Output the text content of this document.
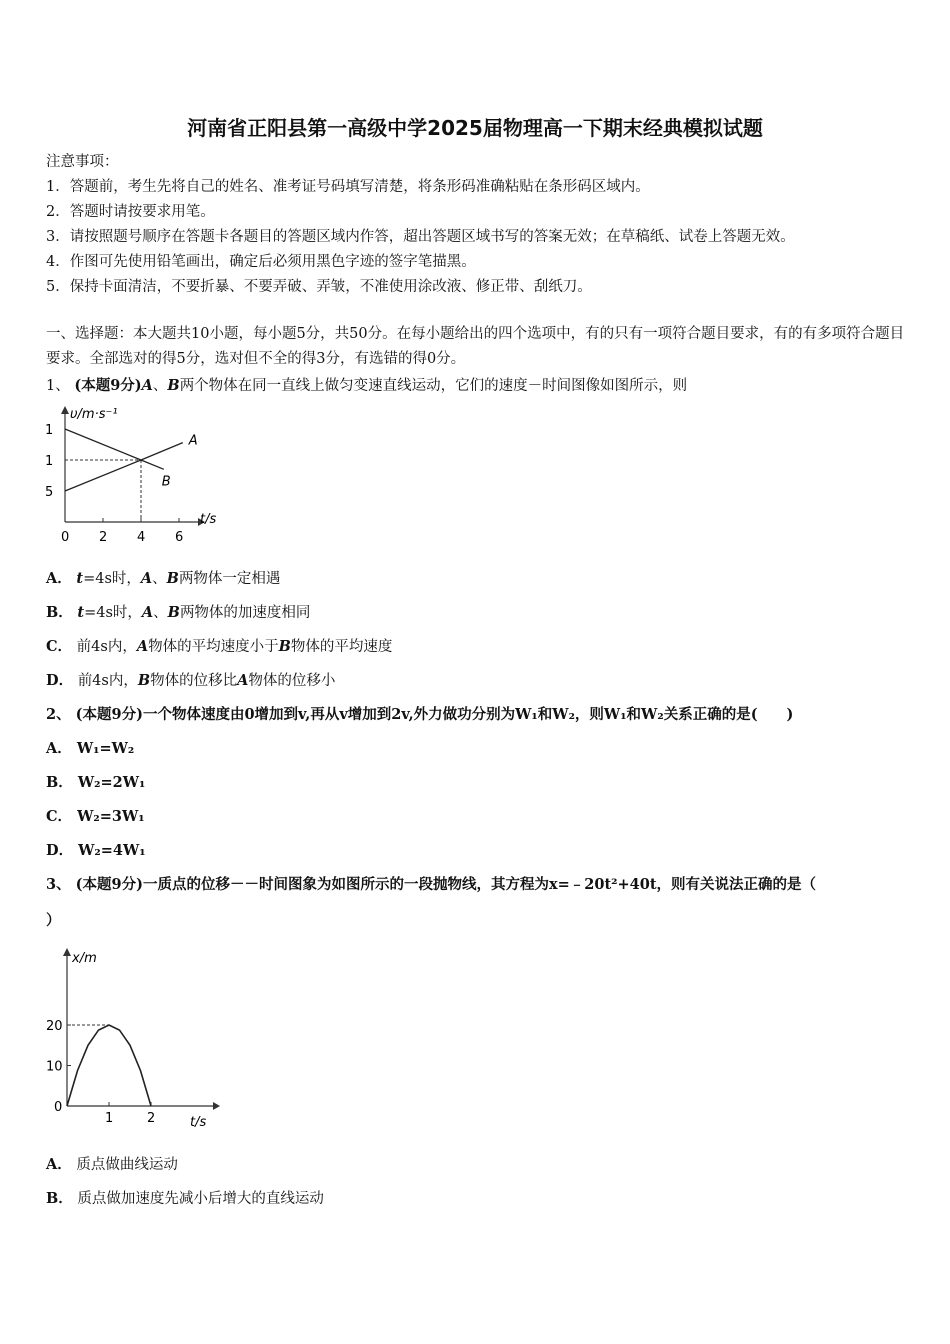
河南省正阳县第一高级中学2025届物理高一下期末经典模拟试题
注意事项：
1．答题前，考生先将自己的姓名、准考证号码填写清楚，将条形码准确粘贴在条形码区域内。
2．答题时请按要求用笔。
3．请按照题号顺序在答题卡各题目的答题区域内作答，超出答题区域书写的答案无效；在草稿纸、试卷上答题无效。
4．作图可先使用铅笔画出，确定后必须用黑色字迹的签字笔描黑。
5．保持卡面清洁，不要折暴、不要弄破、弄皱，不准使用涂改液、修正带、刮纸刀。
一、选择题：本大题共10小题，每小题5分，共50分。在每小题给出的四个选项中，有的只有一项符合题目要求，有的有多项符合题目要求。全部选对的得5分，选对但不全的得3分，有选错的得0分。
1、 (本题9分)A、B两个物体在同一直线上做匀变速直线运动，它们的速度－时间图像如图所示，则
υ/m·s⁻¹
t/s
0 2 4 6
5
1
1
A
B
A． t=4s时，A、B两物体一定相遇
B． t=4s时，A、B两物体的加速度相同
C． 前4s内，A物体的平均速度小于B物体的平均速度
D． 前4s内，B物体的位移比A物体的位移小
2、 (本题9分)一个物体速度由0增加到v,再从v增加到2v,外力做功分别为W₁和W₂，则W₁和W₂关系正确的是(　　)
A． W₁=W₂
B． W₂=2W₁
C． W₂=3W₁
D． W₂=4W₁
3、 (本题9分)一质点的位移－－时间图象为如图所示的一段抛物线，其方程为x=﹣20t²+40t，则有关说法正确的是（
）
x/m
t/s
0
10
20
1	2
A． 质点做曲线运动
B． 质点做加速度先减小后增大的直线运动
